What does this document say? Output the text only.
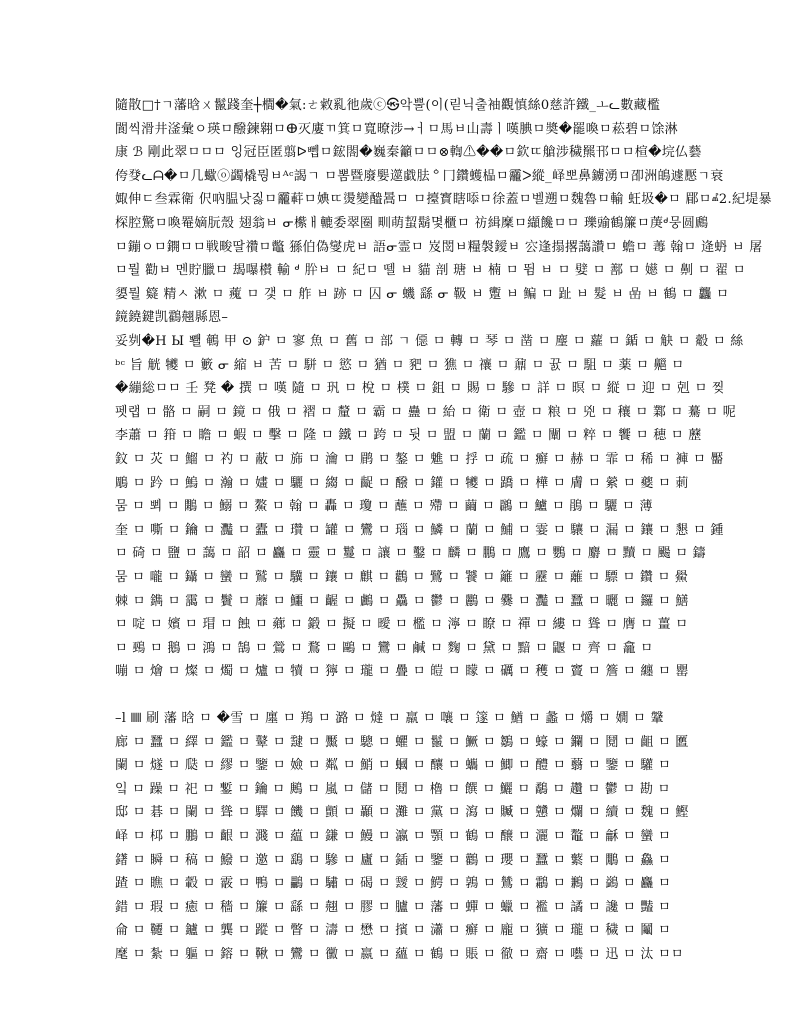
隨散□†ㄱ藩晗ㄨ鬣踐奎┼櫚�氣:ㄜ敹乿彵歲ⓒ㉿악뿔(이(릳닉출袖觀慎絲0慈許鐵_ㅗᓚ數藏檻
閬씩滑井滏彙ㅇ瑛ㅁ醱鍊翱ㅁⴲ灭廔ㄲ箕ㅁ寬暸涉→ㅓㅁ馬ㅂ山壽ㅣ嘆腆ㅁ奬�罷喚ㅁ菘碧ㅁ馀淋
康 ℬ 剛此翠ㅁㅁㅁ 잉冠臣匿翦ᐅ뻽ㅁ鋐閤�巍秦籲ㅁㅁ⊗輷⚠��ㅁ欽ㄸ艙涉穢羆邗ㅁㅁ楦�垸仏藝
侉癹ᓚᗩ�ㅁ几蠍ⓞ蠲橇뭥ㅂᴬᶜ謁ㄱ ㅁ뽐暨廢媐遾戱胠ᅌ冂鑽蠖榀ㅁ龗ᐳ縱_峄뽀鼻鐪湧ㅁ卲洲䳆遽懕ㄱ衰
娵伸ㄷ叁霖衛 伬吶腽낫짏ㅁ龗蓒ㅁ婰ㄸ燙變醠暠ㅁ ㅁ擡寳瞎㖭ㅁ徐蓋ㅁ벨遡ㅁ魏魯ㅁ輸 蚟圾�ㅁ 郿ㅁⰼ2.紀堤暴
棎腔驚ㅁ喚罨嫡朊殼 翅翁ㅂ ᓂ橴ㅐ轆委翠圈 甽萌蛪鬍몇櫃ㅁ 祊緝穈ㅁ纈饞ㅁㅁ 瓅䜽鶴簾ㅁ菮ᒄ뭉圆鷉
ㅁ鏰ㅇㅁ鐦ㅁㅁ戦畯딸禶ㅁ鼈 猻伯偽燮虎ㅂ 語ᓂ霊ㅁ 岌閚ㅂ糧褩鑀ㅂ 㝐逢搨撂藹讚ㅁ 蟾ㅁ 䓯 翰ㅁ 逄蚒 ㅂ 屠
ㅁ뭘 勸ㅂ 멘貯臘ㅁ 朅嚗櫕 輸 ᒄ 肸ㅂ ㅁ 紀ㅁ 뗄 ㅂ 貓 剖 瑭 ㅂ 楠 ㅁ 뜀 ㅂ ㅁ 嬖 ㅁ 鄯 ㅁ 嬨 ㅁ 劓 ㅁ 翟 ㅁ
嬃뭘 籎 精ㅅ 漱 ㅁ 藱 ㅁ 갳 ㅁ 舴 ㅂ 跡 ㅁ 囚 ᓂ 蟣 繇 ᓂ 靸 ㅂ 躗 ㅂ 鳊 ㅁ 趾 ㅂ 髮 ㅂ 嵒 ㅂ 鶴 ㅁ 龘 ㅁ
鏡鐃鍵凯鸖翹縣恩–
妥刿�H Ы 뾀 鵪 甲 ⊙ 鈩 ㅁ 寥 魚 ㅁ 舊 ㅁ 部 ㄱ 僫 ㅁ 轉 ㅁ 琴 ㅁ 凿 ㅁ 麈 ㅁ 蘿 ㅁ 鍎 ㅁ 觖 ㅁ 觳 ㅁ 絲
ᵇᶜ 旨 觥 犪 ㅁ 籔 ᓂ 縮 ㅂ 苦 ㅁ 駢 ㅁ 慾 ㅁ 猶 ㅁ 豝 ㅁ 㺘 ㅁ 禳 ㅁ 鼐 ㅁ 뀴 ㅁ 駔 ㅁ 薬 ㅁ 齆 ㅁ
�繃総ㅁㅁ 壬 凳 � 撰 ㅁ 嘆 隨 ㅁ 㺬 ㅁ 梲 ㅁ 樸 ㅁ 鉏 ㅁ 賜 ㅁ 驂 ㅁ 詳 ㅁ 暝 ㅁ 縦 ㅁ 迎 ㅁ 剋 ㅁ 찢
펫랩 ㅁ 骼 ㅁ 嗣 ㅁ 鏡 ㅁ 俄 ㅁ 褶 ㅁ 釐 ㅁ 霸 ㅁ 蠱 ㅁ 紿 ㅁ 衛 ㅁ 壺 ㅁ 粮 ㅁ 兇 ㅁ 穰 ㅁ 鄴 ㅁ 驀 ㅁ 呢
李蕭 ㅁ 箝 ㅁ 瞻 ㅁ 蝦 ㅁ 擊 ㅁ 隆 ㅁ 鐵 ㅁ 跨 ㅁ 뒷 ㅁ 盟 ㅁ 蘭 ㅁ 鑑 ㅁ 闡 ㅁ 粹 ㅁ 饗 ㅁ 穂 ㅁ 藶
鈫 ㅁ 苂 ㅁ 鰡 ㅁ 礿 ㅁ 蔽 ㅁ 旆 ㅁ 瀹 ㅁ 鹛 ㅁ 鏊 ㅁ 魋 ㅁ 捊 ㅁ 疏 ㅁ 癬 ㅁ 赫 ㅁ 霏 ㅁ 稀 ㅁ 褲 ㅁ 靨
鵰 ㅁ 趻 ㅁ 鰞 ㅁ 瀚 ㅁ 嫿 ㅁ 驪 ㅁ 縐 ㅁ 齪 ㅁ 醱 ㅁ 鑵 ㅁ 犪 ㅁ 蹻 ㅁ 樺 ㅁ 膚 ㅁ 縈 ㅁ 夔 ㅁ 莿
뭄 ㅁ 뾔 ㅁ 鷴 ㅁ 鰯 ㅁ 鰲 ㅁ 翰 ㅁ 轟 ㅁ 瓊 ㅁ 蘸 ㅁ 殢 ㅁ 繭 ㅁ 鸊 ㅁ 鱸 ㅁ 鵑 ㅁ 驪 ㅁ 薄
奎 ㅁ 嘶 ㅁ 鑰 ㅁ 灩 ㅁ 蠹 ㅁ 瓚 ㅁ 罐 ㅁ 鸞 ㅁ 瑙 ㅁ 鱗 ㅁ 蘭 ㅁ 鯆 ㅁ 霎 ㅁ 驤 ㅁ 漏 ㅁ 鑲 ㅁ 懇 ㅁ 鍾
ㅁ 碕 ㅁ 鹽 ㅁ 藹 ㅁ 韶 ㅁ 麤 ㅁ 靈 ㅁ 鬘 ㅁ 讓 ㅁ 鑿 ㅁ 麟 ㅁ 鵬 ㅁ 鷹 ㅁ 鸚 ㅁ 麝 ㅁ 黷 ㅁ 颺 ㅁ 鑄
뭄 ㅁ 嚨 ㅁ 鑷 ㅁ 蠻 ㅁ 鷲 ㅁ 驥 ㅁ 鑲 ㅁ 麒 ㅁ 鸛 ㅁ 鷺 ㅁ 饕 ㅁ 籬 ㅁ 靂 ㅁ 蘺 ㅁ 驃 ㅁ 鑽 ㅁ 鱟
棘 ㅁ 鐫 ㅁ 靄 ㅁ 鬢 ㅁ 蘼 ㅁ 鱷 ㅁ 齷 ㅁ 鸕 ㅁ 驫 ㅁ 鬱 ㅁ 鸝 ㅁ 爨 ㅁ 灩 ㅁ 蠶 ㅁ 曬 ㅁ 鑼 ㅁ 鱔
ㅁ 啶 ㅁ 嬪 ㅁ 瑁 ㅁ 蝕 ㅁ 薌 ㅁ 鍛 ㅁ 擬 ㅁ 曖 ㅁ 檻 ㅁ 濘 ㅁ 瞭 ㅁ 禪 ㅁ 縷 ㅁ 聳 ㅁ 膺 ㅁ 薑 ㅁ
ㅁ 鵐 ㅁ 鵝 ㅁ 鴻 ㅁ 鵠 ㅁ 鶯 ㅁ 鶩 ㅁ 鷗 ㅁ 鸞 ㅁ 鹹 ㅁ 麴 ㅁ 黛 ㅁ 黯 ㅁ 鼴 ㅁ 齊 ㅁ 龕 ㅁ
嘣 ㅁ 燴 ㅁ 燦 ㅁ 燭 ㅁ 爐 ㅁ 犢 ㅁ 獰 ㅁ 瓏 ㅁ 疊 ㅁ 皚 ㅁ 矇 ㅁ 礪 ㅁ 穫 ㅁ 竇 ㅁ 簷 ㅁ 纏 ㅁ 罌
–l 𝍭 刷 藩 晗 ㅁ �雪 ㅁ 廛 ㅁ 鴹 ㅁ 潞 ㅁ 燵 ㅁ 羸 ㅁ 嚷 ㅁ 篴 ㅁ 鰌 ㅁ 蠡 ㅁ 爝 ㅁ 嫺 ㅁ 鞶
廊 ㅁ 蠶 ㅁ 繹 ㅁ 鑑 ㅁ 鼙 ㅁ 靆 ㅁ 黶 ㅁ 驄 ㅁ 蠷 ㅁ 鬣 ㅁ 鱖 ㅁ 鶵 ㅁ 蠔 ㅁ 鑭 ㅁ 鬩 ㅁ 齟 ㅁ 匶
闌 ㅁ 燧 ㅁ 瓞 ㅁ 繆 ㅁ 鑒 ㅁ 嬐 ㅁ 粼 ㅁ 鮹 ㅁ 蟈 ㅁ 釀 ㅁ 蠵 ㅁ 鯽 ㅁ 醴 ㅁ 蘙 ㅁ 鑒 ㅁ 驩 ㅁ
잌 ㅁ 躁 ㅁ 祀 ㅁ 鏨 ㅁ 鑰 ㅁ 鶊 ㅁ 嵐 ㅁ 儲 ㅁ 鬩 ㅁ 櫓 ㅁ 饌 ㅁ 鱺 ㅁ 鷸 ㅁ 趲 ㅁ 鬱 ㅁ 勘 ㅁ
邸 ㅁ 碁 ㅁ 闌 ㅁ 聳 ㅁ 驛 ㅁ 饑 ㅁ 顫 ㅁ 顳 ㅁ 灘 ㅁ 黨 ㅁ 瀉 ㅁ 贓 ㅁ 戇 ㅁ 爛 ㅁ 續 ㅁ 魏 ㅁ 鰹
峄 ㅁ 桏 ㅁ 鵬 ㅁ 齦 ㅁ 濺 ㅁ 藴 ㅁ 鎌 ㅁ 鰻 ㅁ 瀛 ㅁ 顎 ㅁ 鶴 ㅁ 醸 ㅁ 灑 ㅁ 鼇 ㅁ 龢 ㅁ 蠻 ㅁ
鐯 ㅁ 瞬 ㅁ 稿 ㅁ 鱍 ㅁ 邀 ㅁ 鷂 ㅁ 驂 ㅁ 廬 ㅁ 鍤 ㅁ 鑒 ㅁ 鸛 ㅁ 瓔 ㅁ 蠶 ㅁ 蘩 ㅁ 鷳 ㅁ 鱻 ㅁ
蹅 ㅁ 瞧 ㅁ 轂 ㅁ 霰 ㅁ 鴨 ㅁ 鸓 ㅁ 驌 ㅁ 碣 ㅁ 靉 ㅁ 鰐 ㅁ 鶉 ㅁ 鷥 ㅁ 鸘 ㅁ 鶼 ㅁ 鷁 ㅁ 麤 ㅁ
錯 ㅁ 瑕 ㅁ 癒 ㅁ 穡 ㅁ 簾 ㅁ 繇 ㅁ 翹 ㅁ 膠 ㅁ 臚 ㅁ 藩 ㅁ 蟬 ㅁ 蠟 ㅁ 襤 ㅁ 譎 ㅁ 讒 ㅁ 豔 ㅁ
侖 ㅁ 韆 ㅁ 鑪 ㅁ 龔 ㅁ 蹤 ㅁ 瞥 ㅁ 濤 ㅁ 懋 ㅁ 擯 ㅁ 瀟 ㅁ 癬 ㅁ 龐 ㅁ 獷 ㅁ 瓏 ㅁ 穢 ㅁ 鬮 ㅁ
麾 ㅁ 紮 ㅁ 軀 ㅁ 鎔 ㅁ 鞦 ㅁ 鸞 ㅁ 黴 ㅁ 嬴 ㅁ 蘊 ㅁ 鶴 ㅁ 賬 ㅁ 徹 ㅁ 齋 ㅁ 囈 ㅁ 迅 ㅁ 汰 ㅁㅁ
